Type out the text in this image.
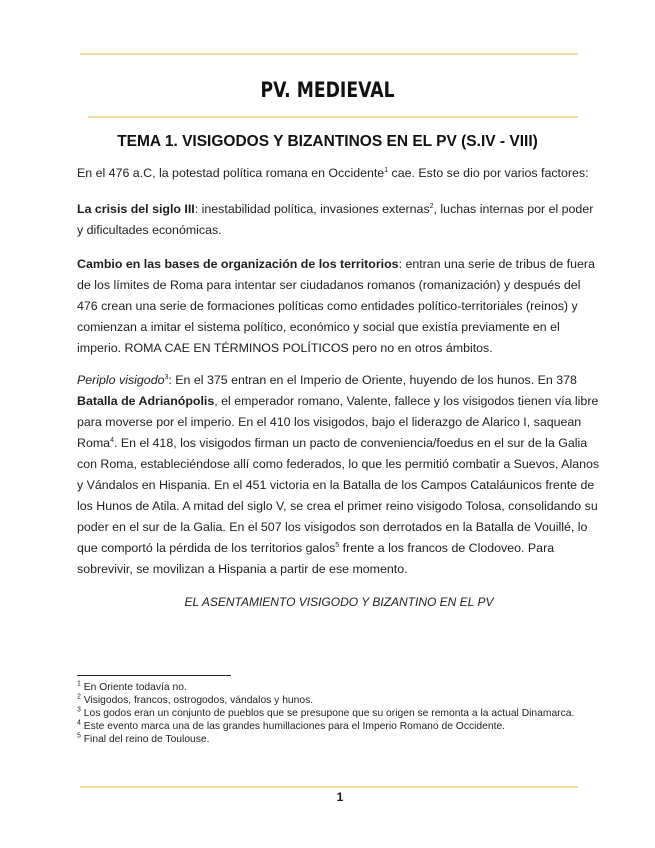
PV. MEDIEVAL
TEMA 1. VISIGODOS Y BIZANTINOS EN EL PV (S.IV - VIII)

En el 476 a.C, la potestad política romana en Occidente$^1$ cae. Esto se dio por varios factores:

La crisis del siglo III: inestabilidad política, invasiones externas$^2$, luchas internas por el poder y dificultades económicas.

Cambio en las bases de organización de los territorios: entran una serie de tribus de fuera de los límites de Roma para intentar ser ciudadanos romanos (romanización) y después del 476 crean una serie de formaciones políticas como entidades político-territoriales (reinos) y comienzan a imitar el sistema político, económico y social que existía previamente en el imperio. ROMA CAE EN TÉRMINOS POLÍTICOS pero no en otros ámbitos.

Periplo visigodo$^3$: En el 375 entran en el Imperio de Oriente, huyendo de los hunos. En 378 Batalla de Adrianópolis, el emperador romano, Valente, fallece y los visigodos tienen vía libre para moverse por el imperio. En el 410 los visigodos, bajo el liderazgo de Alarico I, saquean Roma$^4$. En el 418, los visigodos firman un pacto de conveniencia/foedus en el sur de la Galia con Roma, estableciéndose allí como federados, lo que les permitió combatir a Suevos, Alanos y Vándalos en Hispania. En el 451 victoria en la Batalla de los Campos Cataláunicos frente de los Hunos de Atila. A mitad del siglo V, se crea el primer reino visigodo Tolosa, consolidando su poder en el sur de la Galia. En el 507 los visigodos son derrotados en la Batalla de Vouillé, lo que comportó la pérdida de los territorios galos$^5$ frente a los francos de Clodoveo. Para sobrevivir, se movilizan a Hispania a partir de ese momento.

EL ASENTAMIENTO VISIGODO Y BIZANTINO EN EL PV

$^1$ En Oriente todavía no.

$^2$ Visigodos, francos, ostrogodos, vándalos y hunos.

$^3$ Los godos eran un conjunto de pueblos que se presupone que su origen se remonta a la actual Dinamarca.

$^4$ Este evento marca una de las grandes humillaciones para el Imperio Romano de Occidente.

$^5$ Final del reino de Toulouse.

1
